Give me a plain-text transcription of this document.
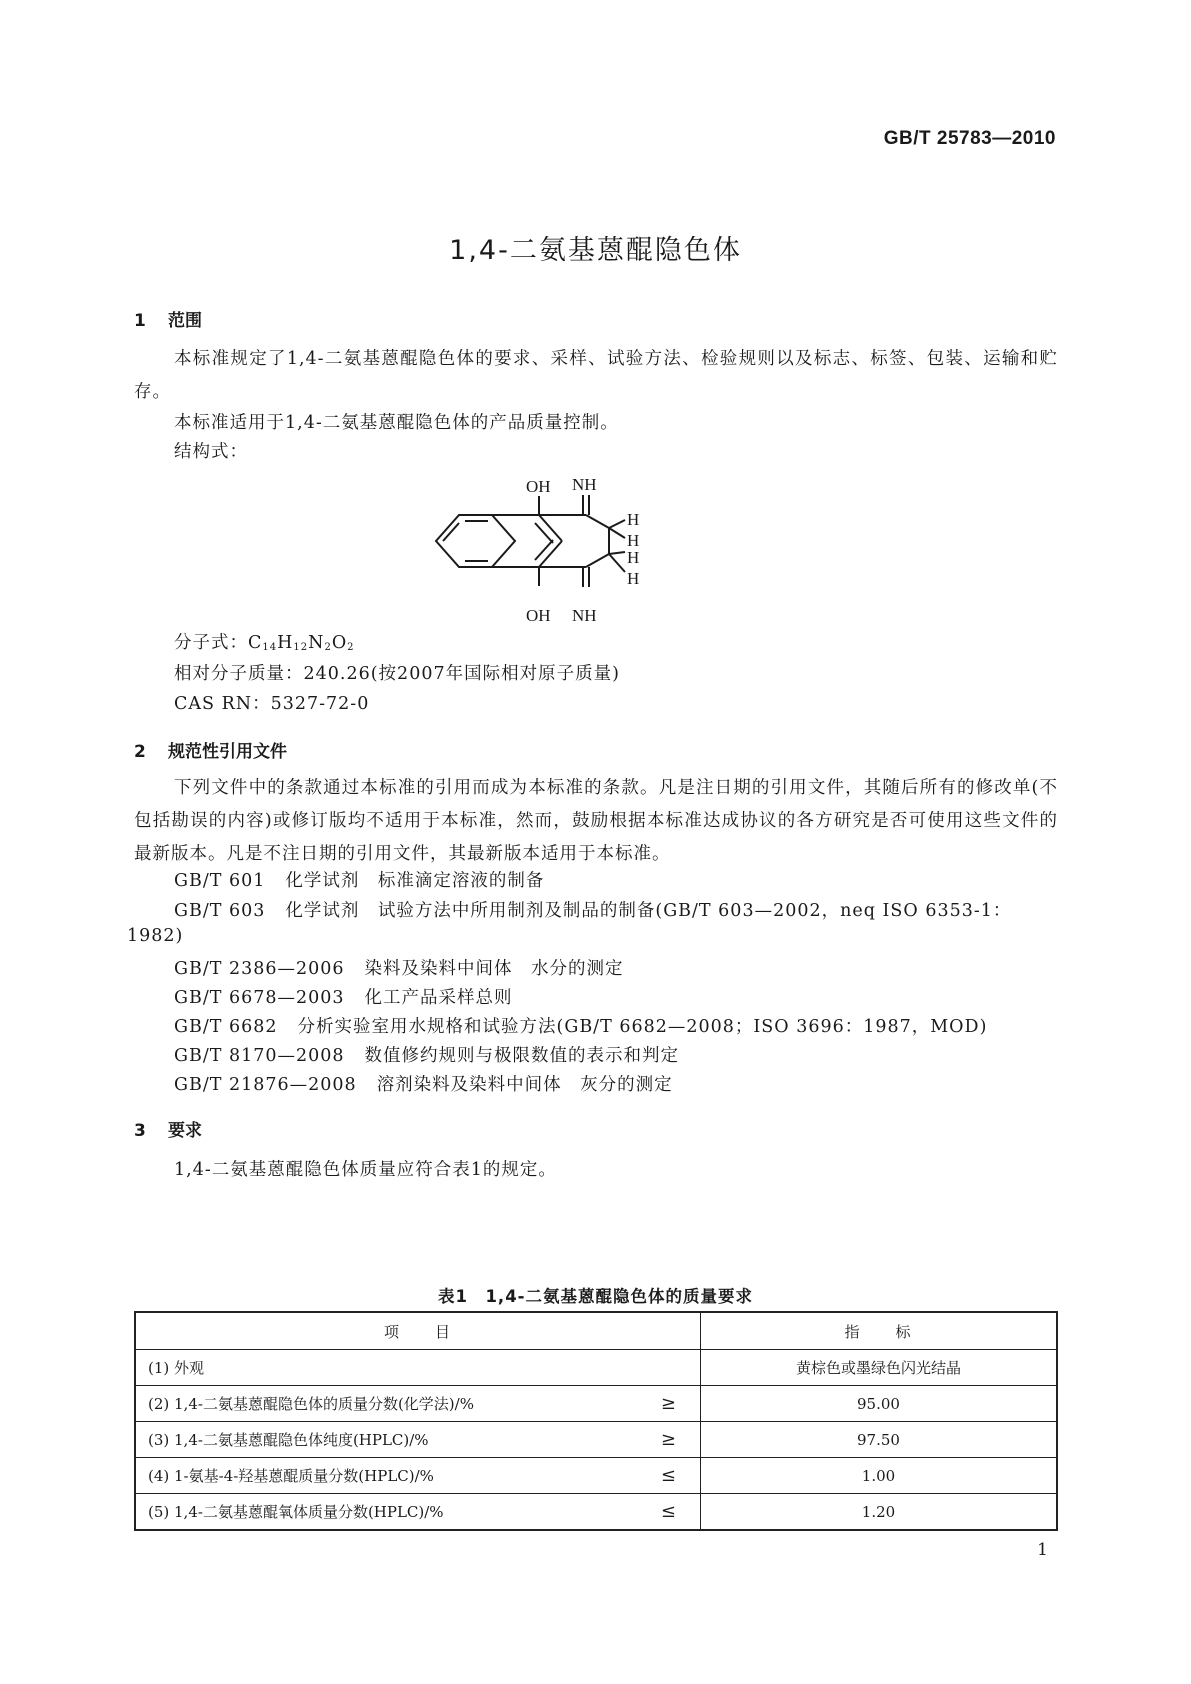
GB/T 25783—2010
1,4-二氨基蒽醌隐色体
1 范围
本标准规定了1,4-二氨基蒽醌隐色体的要求、采样、试验方法、检验规则以及标志、标签、包装、运输和贮存。
本标准适用于1,4-二氨基蒽醌隐色体的产品质量控制。
结构式：
OH
OH
NH
NH
H
H
H
H
分子式：$C_{14}H_{12}N_2O_2$
相对分子质量：240.26(按2007年国际相对原子质量)
CAS RN：5327-72-0
2 规范性引用文件
下列文件中的条款通过本标准的引用而成为本标准的条款。凡是注日期的引用文件，其随后所有的修改单(不包括勘误的内容)或修订版均不适用于本标准，然而，鼓励根据本标准达成协议的各方研究是否可使用这些文件的最新版本。凡是不注日期的引用文件，其最新版本适用于本标准。
GB/T 601 化学试剂　标准滴定溶液的制备
GB/T 603 化学试剂　试验方法中所用制剂及制品的制备(GB/T 603—2002，neq ISO 6353-1：
1982)
GB/T 2386—2006 染料及染料中间体　水分的测定
GB/T 6678—2003 化工产品采样总则
GB/T 6682 分析实验室用水规格和试验方法(GB/T 6682—2008；ISO 3696：1987，MOD)
GB/T 8170—2008 数值修约规则与极限数值的表示和判定
GB/T 21876—2008 溶剂染料及染料中间体　灰分的测定
3 要求
1,4-二氨基蒽醌隐色体质量应符合表1的规定。
表1　1,4-二氨基蒽醌隐色体的质量要求
项　　目	指　　标
(1) 外观	黄棕色或墨绿色闪光结晶
(2) 1,4-二氨基蒽醌隐色体的质量分数(化学法)/% ≥	95.00
(3) 1,4-二氨基蒽醌隐色体纯度(HPLC)/% ≥	97.50
(4) 1-氨基-4-羟基蒽醌质量分数(HPLC)/% ≤	1.00
(5) 1,4-二氨基蒽醌氧体质量分数(HPLC)/% ≤	1.20
1
